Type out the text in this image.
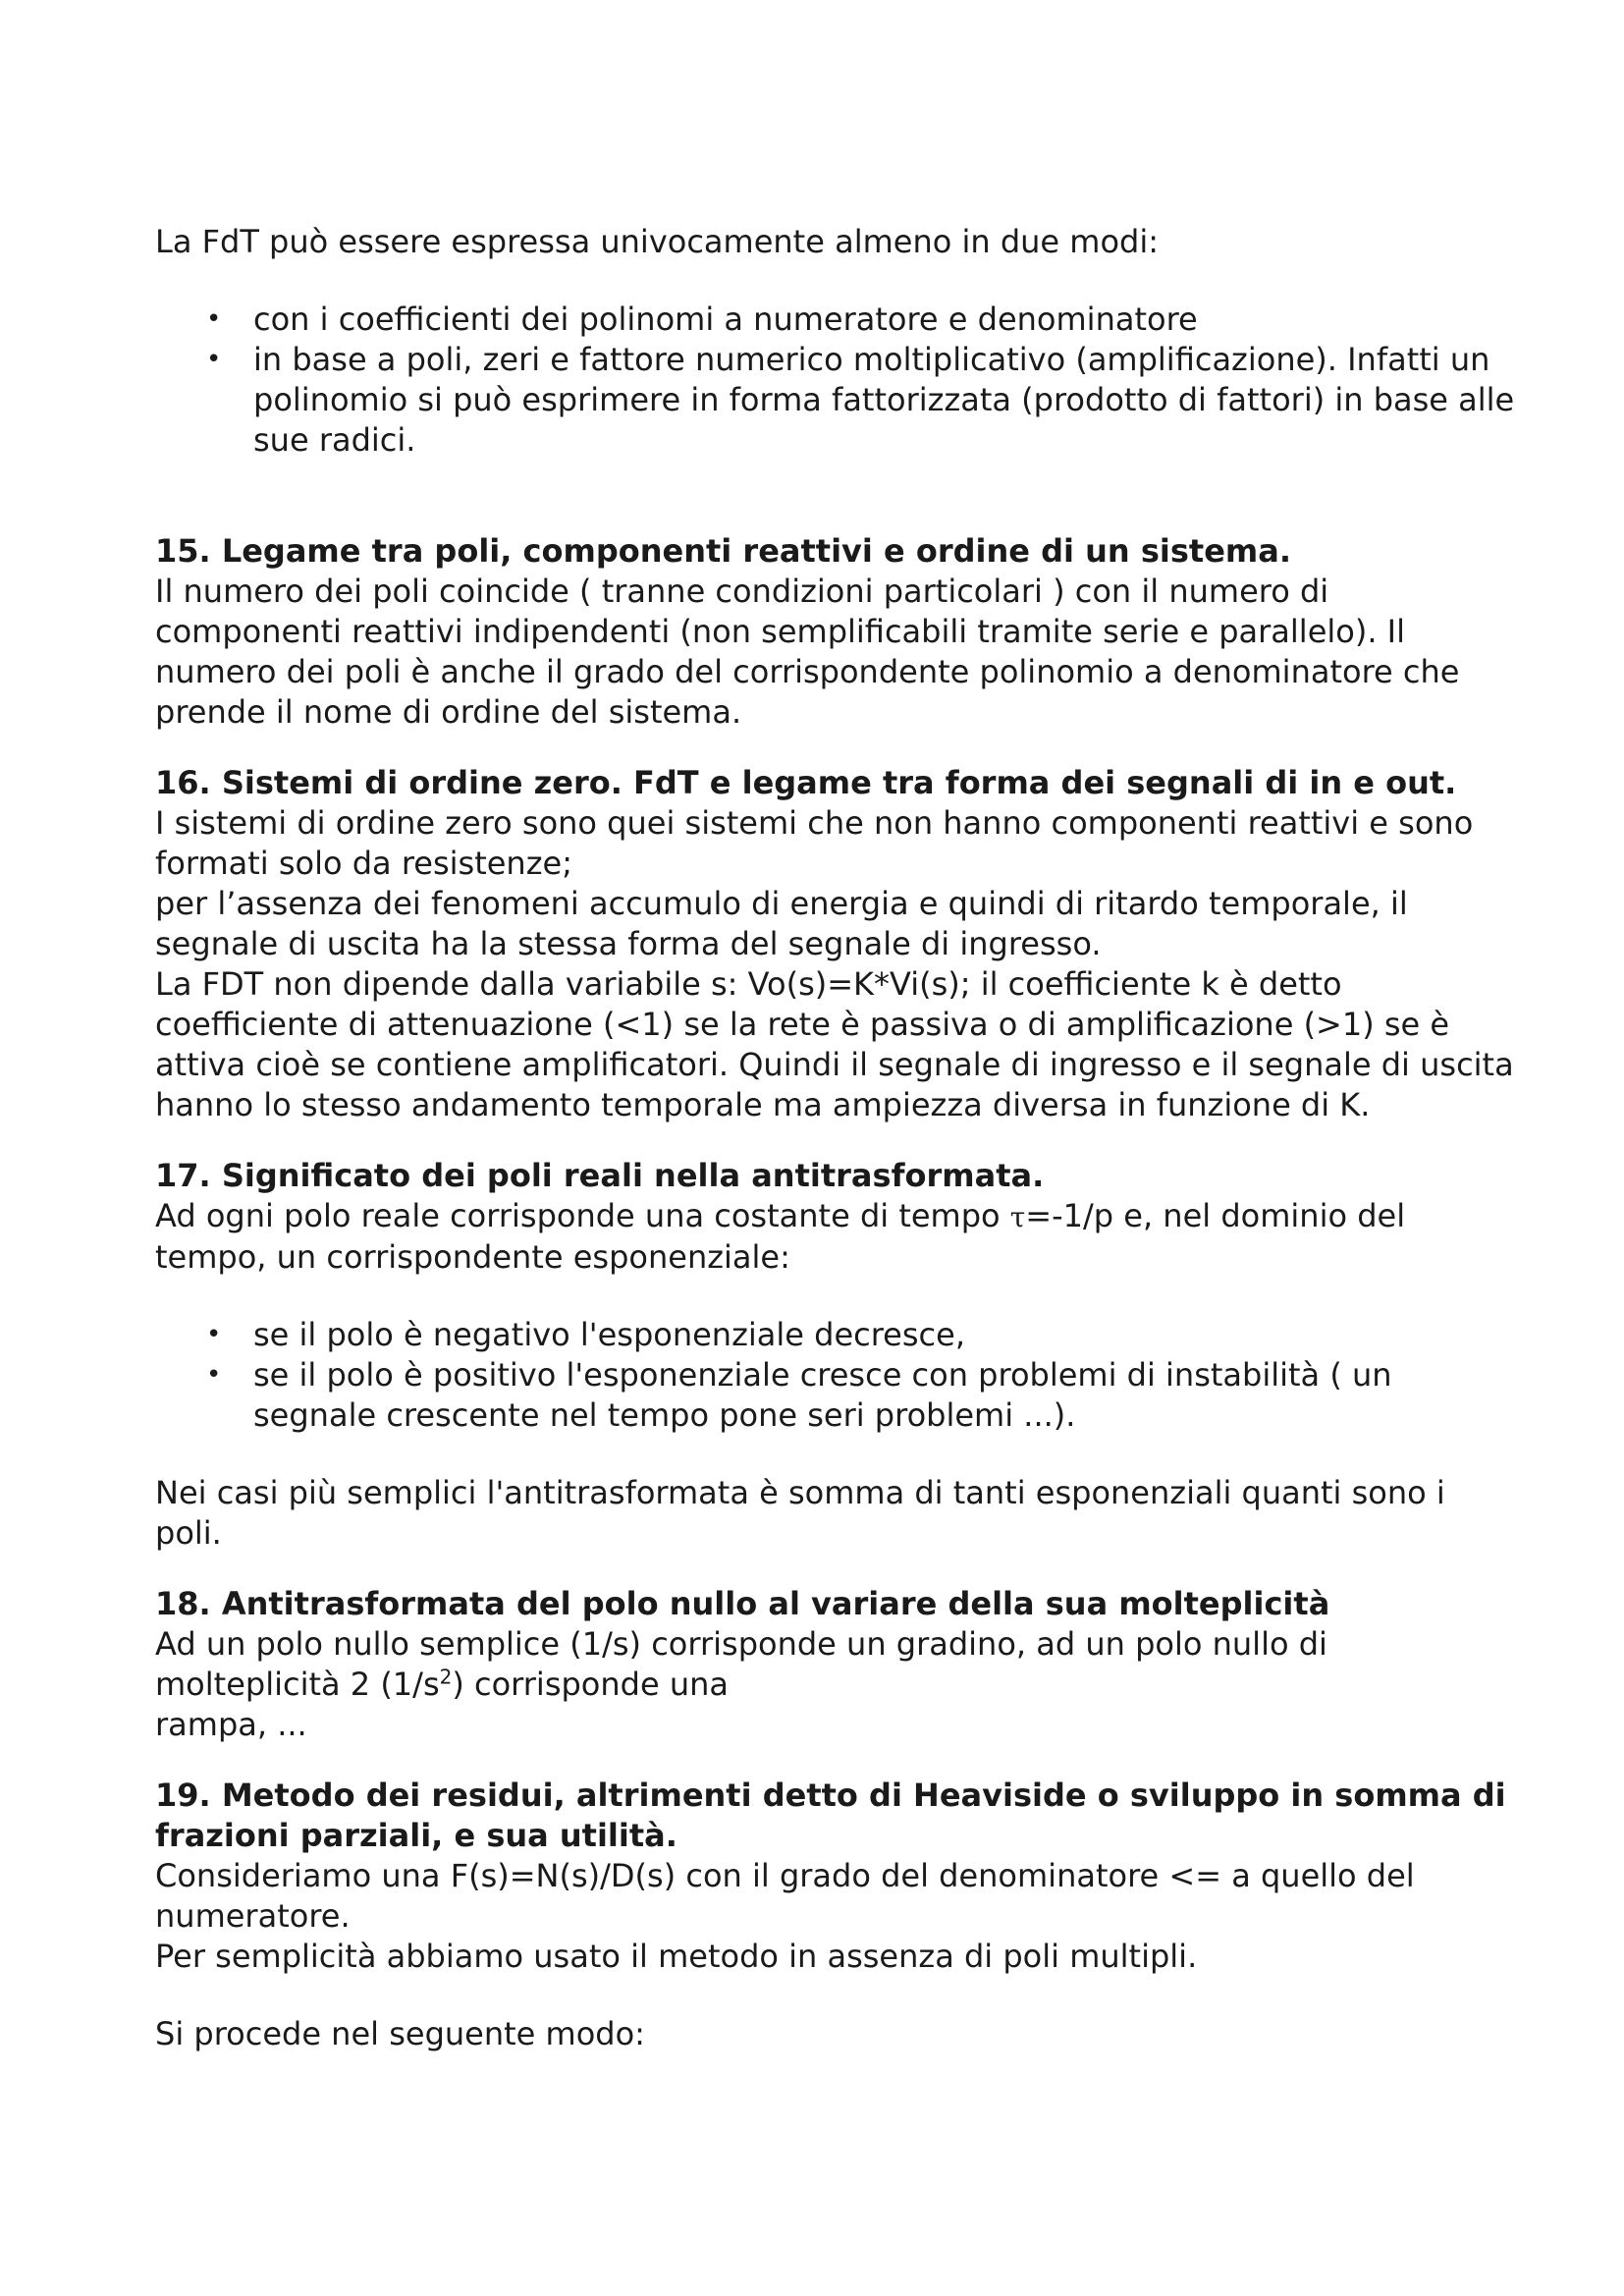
La FdT può essere espressa univocamente almeno in due modi:

• con i coefficienti dei polinomi a numeratore e denominatore
• in base a poli, zeri e fattore numerico moltiplicativo (amplificazione). Infatti un polinomio si può esprimere in forma fattorizzata (prodotto di fattori) in base alle sue radici.
15. Legame tra poli, componenti reattivi e ordine di un sistema.

Il numero dei poli coincide ( tranne condizioni particolari ) con il numero di componenti reattivi indipendenti (non semplificabili tramite serie e parallelo). Il numero dei poli è anche il grado del corrispondente polinomio a denominatore che prende il nome di ordine del sistema.

16. Sistemi di ordine zero. FdT e legame tra forma dei segnali di in e out.

I sistemi di ordine zero sono quei sistemi che non hanno componenti reattivi e sono formati solo da resistenze;

per l’assenza dei fenomeni accumulo di energia e quindi di ritardo temporale, il segnale di uscita ha la stessa forma del segnale di ingresso.

La FDT non dipende dalla variabile s: Vo(s)=K*Vi(s); il coefficiente k è detto coefficiente di attenuazione (<1) se la rete è passiva o di amplificazione (>1) se è attiva cioè se contiene amplificatori. Quindi il segnale di ingresso e il segnale di uscita hanno lo stesso andamento temporale ma ampiezza diversa in funzione di K.

17. Significato dei poli reali nella antitrasformata.

Ad ogni polo reale corrisponde una costante di tempo τ=-1/p e, nel dominio del tempo, un corrispondente esponenziale:

• se il polo è negativo l'esponenziale decresce,
• se il polo è positivo l'esponenziale cresce con problemi di instabilità ( un segnale crescente nel tempo pone seri problemi ...).

Nei casi più semplici l'antitrasformata è somma di tanti esponenziali quanti sono i poli.

18. Antitrasformata del polo nullo al variare della sua molteplicità

Ad un polo nullo semplice (1/s) corrisponde un gradino, ad un polo nullo di

molteplicità 2 $(1/s^2)$ corrisponde una

rampa, ...

19. Metodo dei residui, altrimenti detto di Heaviside o sviluppo in somma di frazioni parziali, e sua utilità.

Consideriamo una F(s)=N(s)/D(s) con il grado del denominatore <= a quello del numeratore.

Per semplicità abbiamo usato il metodo in assenza di poli multipli.

Si procede nel seguente modo:
